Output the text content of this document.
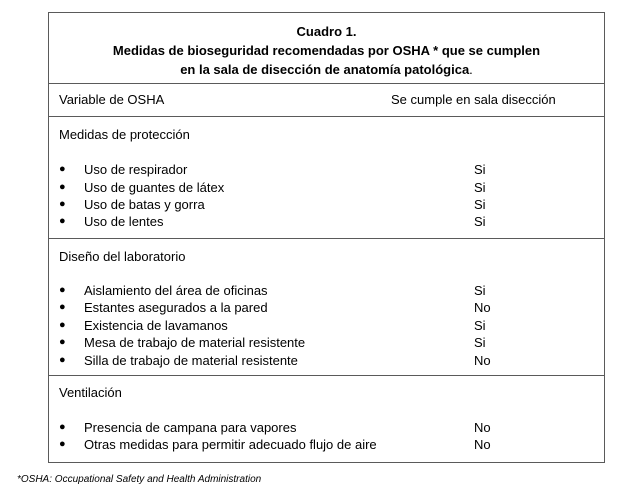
Cuadro 1.
Medidas de bioseguridad recomendadas por OSHA * que se cumplen
en la sala de disección de anatomía patológica.
Variable de OSHA	Se cumple en sala disección
Medidas de protección
● Uso de respirador	Si
● Uso de guantes de látex	Si
● Uso de batas y gorra	Si
● Uso de lentes	Si
Diseño del laboratorio
● Aislamiento del área de oficinas	Si
● Estantes asegurados a la pared	No
● Existencia de lavamanos	Si
● Mesa de trabajo de material resistente	Si
● Silla de trabajo de material resistente	No
Ventilación
● Presencia de campana para vapores	No
● Otras medidas para permitir adecuado flujo de aire	No
*OSHA: Occupational Safety and Health Administration
